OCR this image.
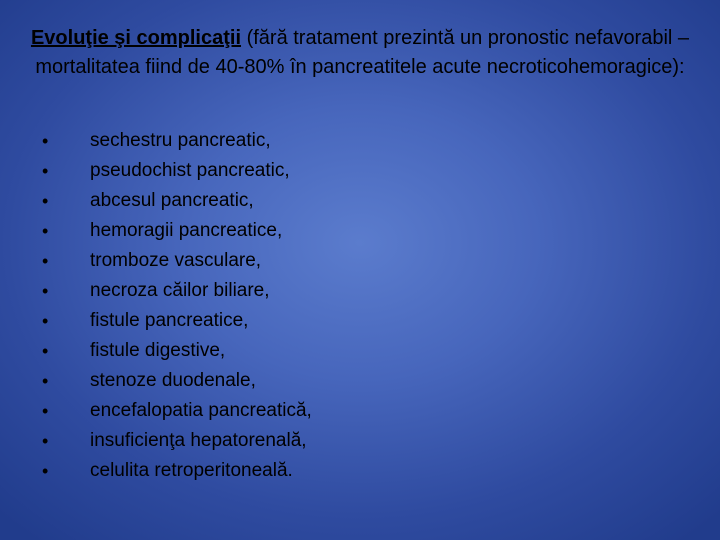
Evoluţie şi complicaţii (fără tratament prezintă un pronostic nefavorabil – mortalitatea fiind de 40-80% în pancreatitele acute necroticohemoragice):
•	sechestru pancreatic,
•	pseudochist pancreatic,
•	abcesul pancreatic,
•	hemoragii pancreatice,
•	tromboze vasculare,
•	necroza căilor biliare,
•	fistule pancreatice,
•	fistule digestive,
•	stenoze duodenale,
•	encefalopatia pancreatică,
•	insuficienţa hepatorenală,
•	celulita retroperitoneală.
